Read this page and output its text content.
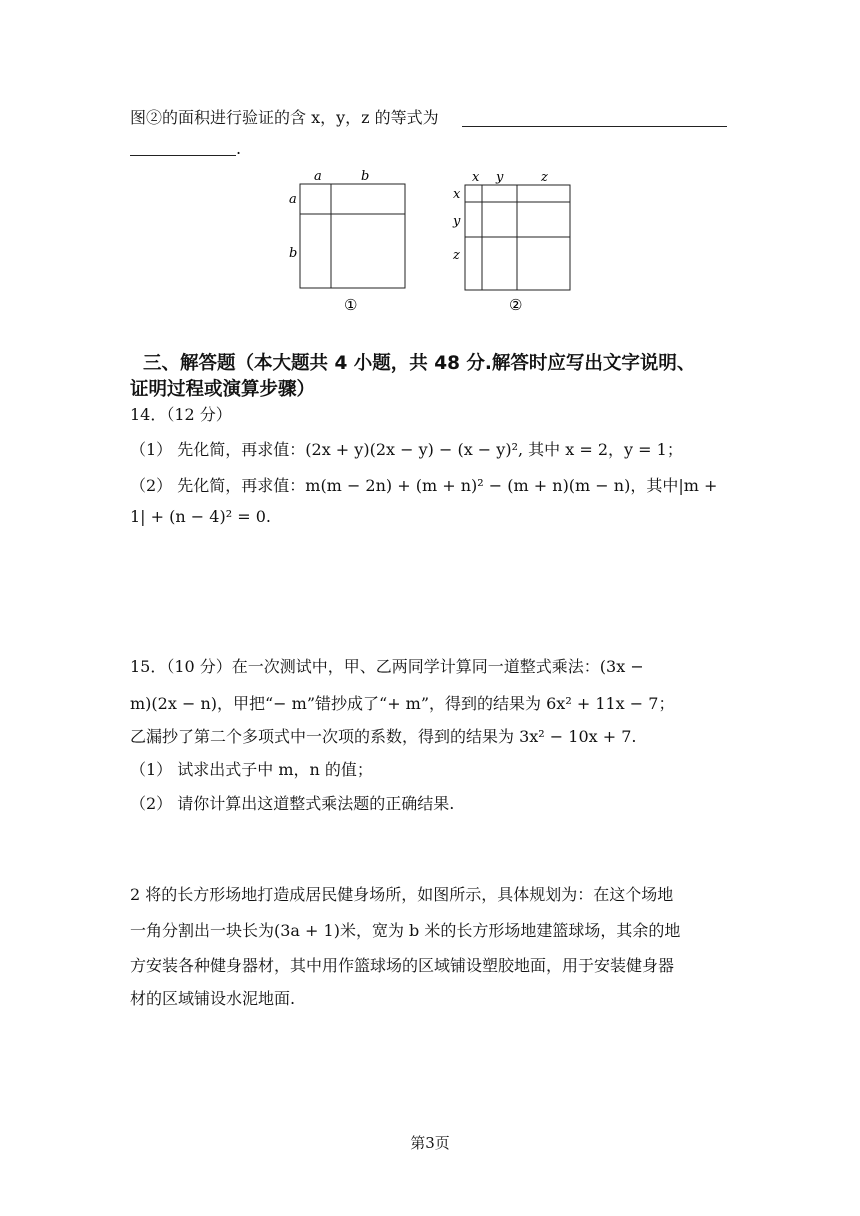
图②的面积进行验证的含 x，y，z 的等式为
.
a	b
a
b
①
x y	z
x
y
z
②
三、解答题（本大题共 4 小题，共 48 分.解答时应写出文字说明、
证明过程或演算步骤）
14．（12 分）
（1） 先化简，再求值：(2x + y)(2x − y) − (x − y)², 其中 x = 2，y = 1；
（2） 先化简，再求值：m(m − 2n) + (m + n)² − (m + n)(m − n)，其中|m +
1| + (n − 4)² = 0.
15．（10 分）在一次测试中，甲、乙两同学计算同一道整式乘法：(3x −
m)(2x − n)，甲把“− m”错抄成了“+ m”，得到的结果为 6x² + 11x − 7；
乙漏抄了第二个多项式中一次项的系数，得到的结果为 3x² − 10x + 7.
（1） 试求出式子中 m，n 的值；
（2） 请你计算出这道整式乘法题的正确结果.
2 将的长方形场地打造成居民健身场所，如图所示，具体规划为：在这个场地
一角分割出一块长为(3a + 1)米，宽为 b 米的长方形场地建篮球场，其余的地
方安装各种健身器材，其中用作篮球场的区域铺设塑胶地面，用于安装健身器
材的区域铺设水泥地面.
第3页
